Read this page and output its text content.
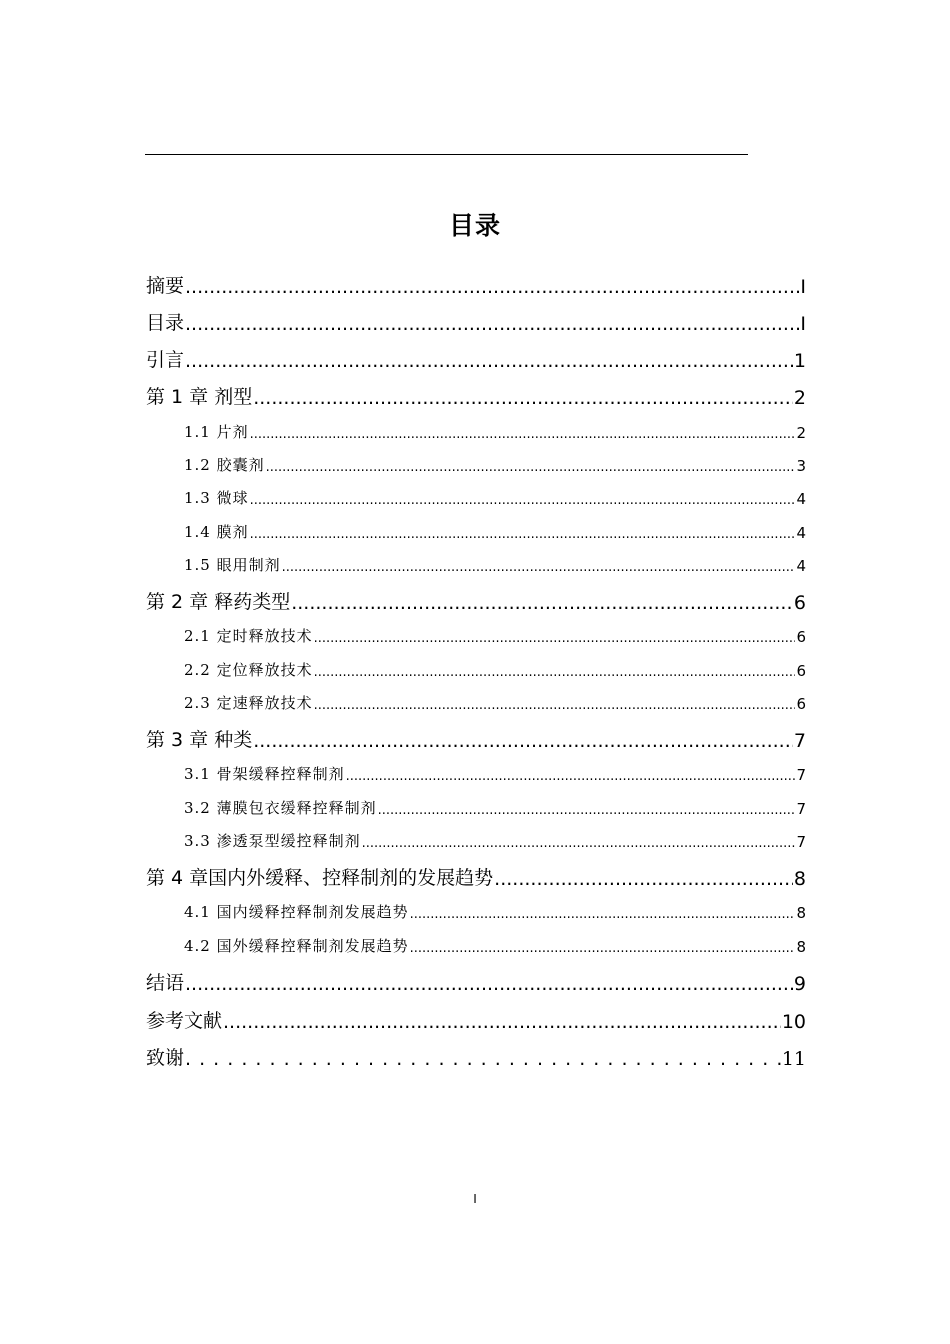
目录
摘要 .....	I
目录 .....	I
引言 .....	1
第 1 章 剂型 .....	2
1.1 片剂 .....	2
1.2 胶囊剂 .....	3
1.3 微球 .....	4
1.4 膜剂 .....	4
1.5 眼用制剂 .....	4
第 2 章 释药类型 .....	6
2.1 定时释放技术 .....	6
2.2 定位释放技术 .....	6
2.3 定速释放技术 .....	6
第 3 章 种类 .....	7
3.1 骨架缓释控释制剂 .....	7
3.2 薄膜包衣缓释控释制剂 .....	7
3.3 渗透泵型缓控释制剂 .....	7
第 4 章国内外缓释、控释制剂的发展趋势 .....	8
4.1 国内缓释控释制剂发展趋势 .....	8
4.2 国外缓释控释制剂发展趋势 .....	8
结语 .....	9
参考文献 .....	10
致谢 . . .	11
I
